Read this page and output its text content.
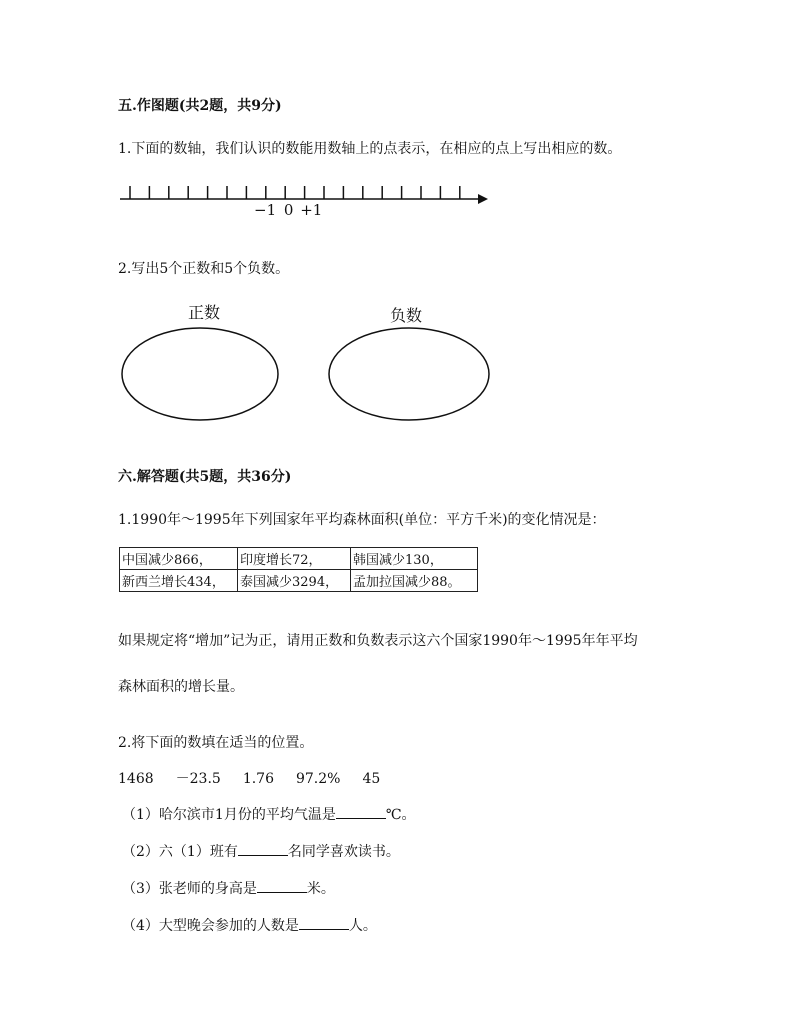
五.作图题(共2题，共9分)
1.下面的数轴，我们认识的数能用数轴上的点表示，在相应的点上写出相应的数。
−1 0 +1
2.写出5个正数和5个负数。
正数	负数
六.解答题(共5题，共36分)
1.1990年～1995年下列国家年平均森林面积(单位：平方千米)的变化情况是：
中国减少866，	印度增长72，	韩国减少130，
新西兰增长434，	泰国减少3294，	孟加拉国减少88。
如果规定将“增加”记为正，请用正数和负数表示这六个国家1990年～1995年年平均
森林面积的增长量。
2.将下面的数填在适当的位置。
1468 －23.5 1.76 97.2% 45
（1）哈尔滨市1月份的平均气温是	℃。
（2）六（1）班有	名同学喜欢读书。
（3）张老师的身高是	米。
（4）大型晚会参加的人数是	人。
